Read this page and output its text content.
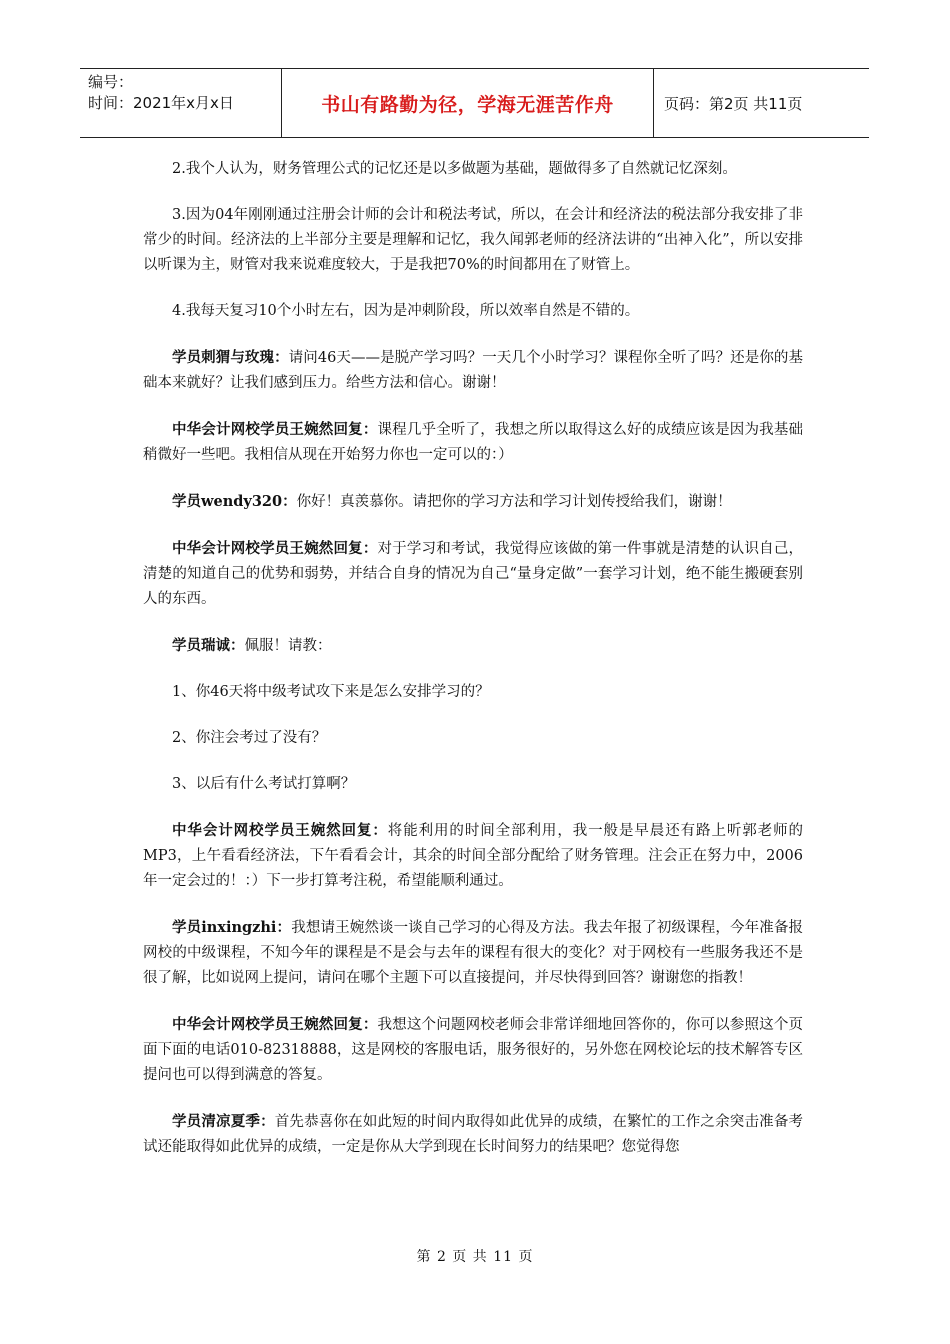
编号：
时间：2021年x月x日	书山有路勤为径，学海无涯苦作舟	页码：第2页 共11页

2.我个人认为，财务管理公式的记忆还是以多做题为基础，题做得多了自然就记忆深刻。

3.因为04年刚刚通过注册会计师的会计和税法考试，所以，在会计和经济法的税法部分我安排了非常少的时间。经济法的上半部分主要是理解和记忆，我久闻郭老师的经济法讲的“出神入化”，所以安排以听课为主，财管对我来说难度较大，于是我把70%的时间都用在了财管上。

4.我每天复习10个小时左右，因为是冲刺阶段，所以效率自然是不错的。

学员刺猬与玫瑰：请问46天——是脱产学习吗？一天几个小时学习？课程你全听了吗？还是你的基础本来就好？让我们感到压力。给些方法和信心。谢谢！

中华会计网校学员王婉然回复：课程几乎全听了，我想之所以取得这么好的成绩应该是因为我基础稍微好一些吧。我相信从现在开始努力你也一定可以的：）

学员wendy320：你好！真羡慕你。请把你的学习方法和学习计划传授给我们，谢谢！

中华会计网校学员王婉然回复：对于学习和考试，我觉得应该做的第一件事就是清楚的认识自己，清楚的知道自己的优势和弱势，并结合自身的情况为自己“量身定做”一套学习计划，绝不能生搬硬套别人的东西。

学员瑞诚：佩服！请教：

1、你46天将中级考试攻下来是怎么安排学习的？

2、你注会考过了没有？

3、以后有什么考试打算啊？

中华会计网校学员王婉然回复：将能利用的时间全部利用，我一般是早晨还有路上听郭老师的MP3，上午看看经济法，下午看看会计，其余的时间全部分配给了财务管理。注会正在努力中，2006年一定会过的！：）下一步打算考注税，希望能顺利通过。

学员inxingzhi：我想请王婉然谈一谈自己学习的心得及方法。我去年报了初级课程，今年准备报网校的中级课程，不知今年的课程是不是会与去年的课程有很大的变化？对于网校有一些服务我还不是很了解，比如说网上提问，请问在哪个主题下可以直接提问，并尽快得到回答？谢谢您的指教！

中华会计网校学员王婉然回复：我想这个问题网校老师会非常详细地回答你的，你可以参照这个页面下面的电话010-82318888，这是网校的客服电话，服务很好的，另外您在网校论坛的技术解答专区提问也可以得到满意的答复。

学员清凉夏季：首先恭喜你在如此短的时间内取得如此优异的成绩，在繁忙的工作之余突击准备考试还能取得如此优异的成绩，一定是你从大学到现在长时间努力的结果吧？您觉得您

第 2 页 共 11 页
